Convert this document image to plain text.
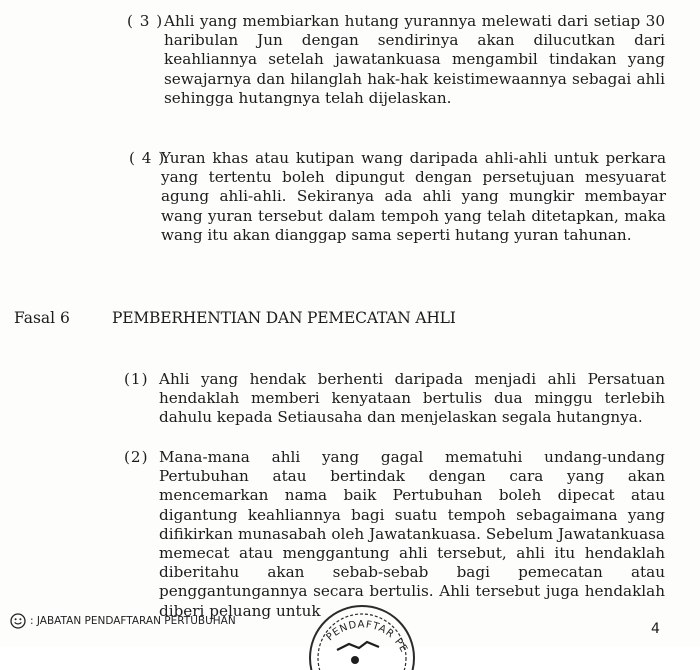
( 3 ) Ahli yang membiarkan hutang yurannya melewati dari setiap 30 haribulan Jun dengan sendirinya akan dilucutkan dari keahliannya setelah jawatankuasa mengambil tindakan yang sewajarnya dan hilanglah hak-hak keistimewaannya sebagai ahli sehingga hutangnya telah dijelaskan.
( 4 )
Yuran khas atau kutipan wang daripada ahli-ahli untuk perkara yang tertentu boleh dipungut dengan persetujuan mesyuarat agung ahli-ahli. Sekiranya ada ahli yang mungkir membayar wang yuran tersebut dalam tempoh yang telah ditetapkan, maka wang itu akan dianggap sama seperti hutang yuran tahunan.
Fasal 6	PEMBERHENTIAN DAN PEMECATAN AHLI
(1) Ahli yang hendak berhenti daripada menjadi ahli Persatuan hendaklah memberi kenyataan bertulis dua minggu terlebih dahulu kepada Setiausaha dan menjelaskan segala hutangnya.
(2) Mana-mana ahli yang gagal mematuhi undang-undang Pertubuhan atau bertindak dengan cara yang akan mencemarkan nama baik Pertubuhan boleh dipecat atau digantung keahliannya bagi suatu tempoh sebagaimana yang difikirkan munasabah oleh Jawatankuasa. Sebelum Jawatankuasa memecat atau menggantung ahli tersebut, ahli itu hendaklah diberitahu akan sebab-sebab bagi pemecatan atau penggantungannya secara bertulis. Ahli tersebut juga hendaklah diberi peluang untuk
: JABATAN PENDAFTARAN PERTUBUHAN
PENDAFTAR PE
4
